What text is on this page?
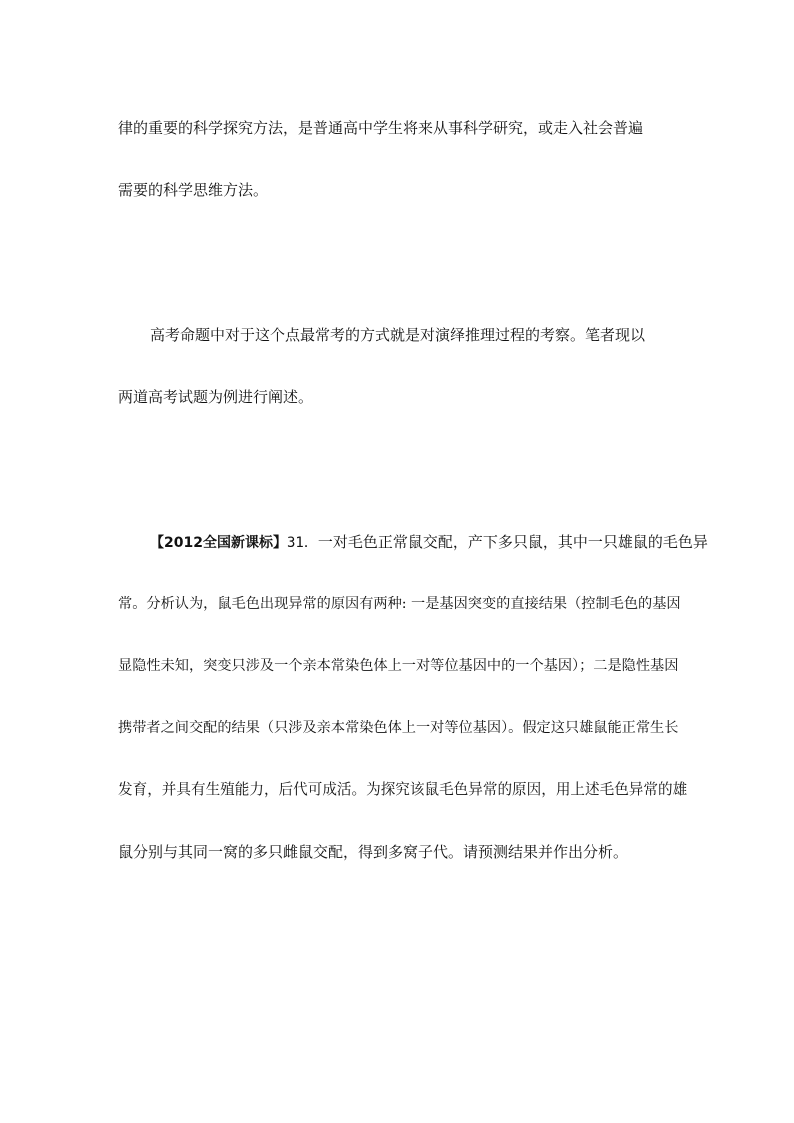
律的重要的科学探究方法，是普通高中学生将来从事科学研究，或走入社会普遍
需要的科学思维方法。
高考命题中对于这个点最常考的方式就是对演绎推理过程的考察。笔者现以
两道高考试题为例进行阐述。
【2012全国新课标】31．一对毛色正常鼠交配，产下多只鼠，其中一只雄鼠的毛色异
常。分析认为，鼠毛色出现异常的原因有两种: 一是基因突变的直接结果（控制毛色的基因
显隐性未知，突变只涉及一个亲本常染色体上一对等位基因中的一个基因）；二是隐性基因
携带者之间交配的结果（只涉及亲本常染色体上一对等位基因）。假定这只雄鼠能正常生长
发育，并具有生殖能力，后代可成活。为探究该鼠毛色异常的原因，用上述毛色异常的雄
鼠分别与其同一窝的多只雌鼠交配，得到多窝子代。请预测结果并作出分析。
